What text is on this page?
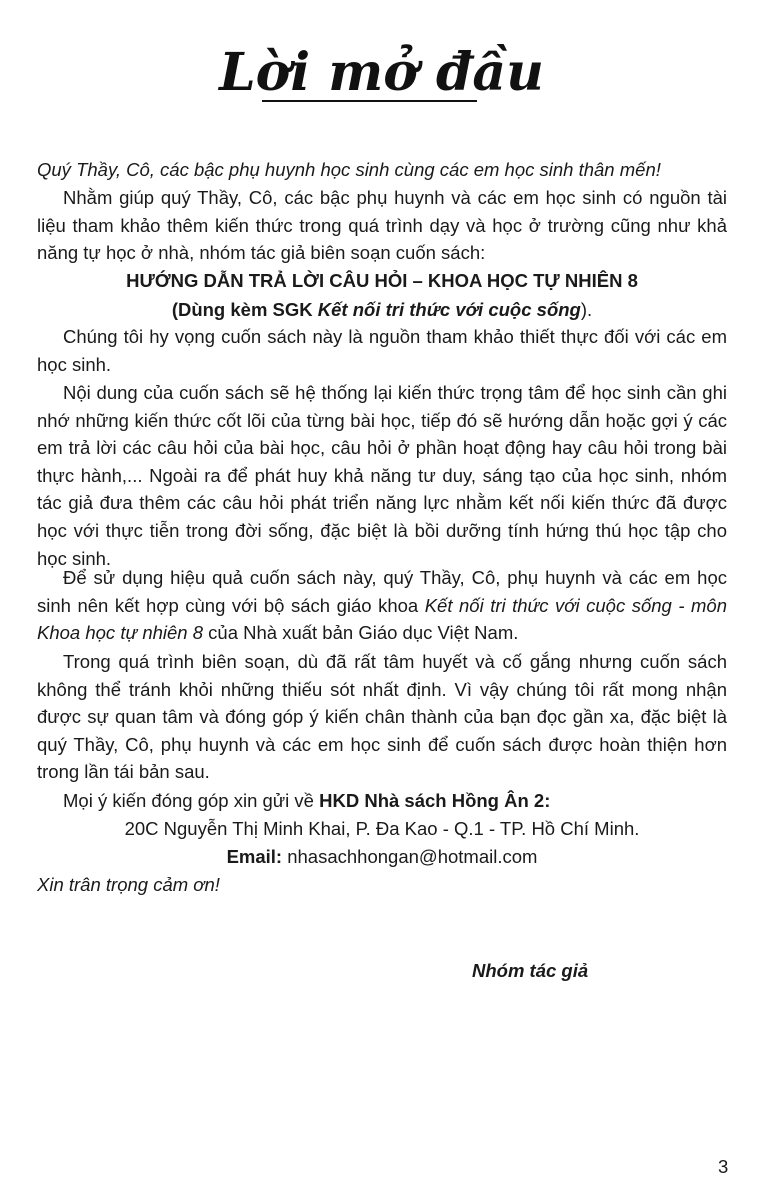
Lời mở đầu

Quý Thầy, Cô, các bậc phụ huynh học sinh cùng các em học sinh thân mến!

Nhằm giúp quý Thầy, Cô, các bậc phụ huynh và các em học sinh có nguồn tài liệu tham khảo thêm kiến thức trong quá trình dạy và học ở trường cũng như khả năng tự học ở nhà, nhóm tác giả biên soạn cuốn sách:

HƯỚNG DẪN TRẢ LỜI CÂU HỎI – KHOA HỌC TỰ NHIÊN 8

(Dùng kèm SGK Kết nối tri thức với cuộc sống).

Chúng tôi hy vọng cuốn sách này là nguồn tham khảo thiết thực đối với các em học sinh.

Nội dung của cuốn sách sẽ hệ thống lại kiến thức trọng tâm để học sinh cần ghi nhớ những kiến thức cốt lõi của từng bài học, tiếp đó sẽ hướng dẫn hoặc gợi ý các em trả lời các câu hỏi của bài học, câu hỏi ở phần hoạt động hay câu hỏi trong bài thực hành,... Ngoài ra để phát huy khả năng tư duy, sáng tạo của học sinh, nhóm tác giả đưa thêm các câu hỏi phát triển năng lực nhằm kết nối kiến thức đã được học với thực tiễn trong đời sống, đặc biệt là bồi dưỡng tính hứng thú học tập cho học sinh.

Để sử dụng hiệu quả cuốn sách này, quý Thầy, Cô, phụ huynh và các em học sinh nên kết hợp cùng với bộ sách giáo khoa Kết nối tri thức với cuộc sống - môn Khoa học tự nhiên 8 của Nhà xuất bản Giáo dục Việt Nam.

Trong quá trình biên soạn, dù đã rất tâm huyết và cố gắng nhưng cuốn sách không thể tránh khỏi những thiếu sót nhất định. Vì vậy chúng tôi rất mong nhận được sự quan tâm và đóng góp ý kiến chân thành của bạn đọc gần xa, đặc biệt là quý Thầy, Cô, phụ huynh và các em học sinh để cuốn sách được hoàn thiện hơn trong lần tái bản sau.

Mọi ý kiến đóng góp xin gửi về HKD Nhà sách Hồng Ân 2:

20C Nguyễn Thị Minh Khai, P. Đa Kao - Q.1 - TP. Hồ Chí Minh.

Email: nhasachhongan@hotmail.com

Xin trân trọng cảm ơn!

Nhóm tác giả
3
